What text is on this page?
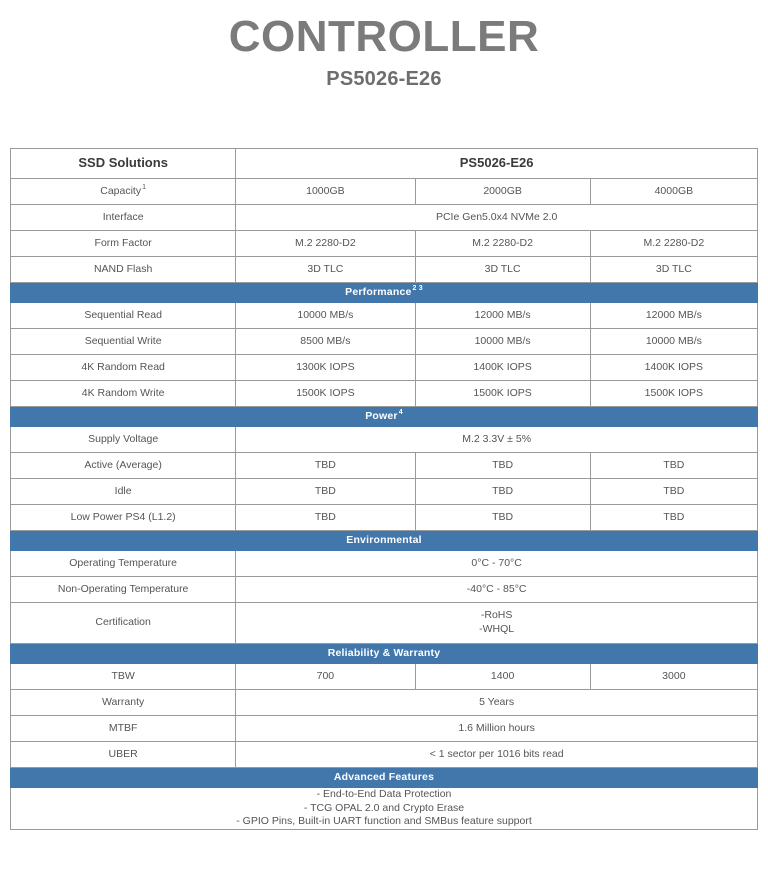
CONTROLLER
PS5026-E26
SSD Solutions	PS5026-E26		
Capacity$^1$	1000GB	2000GB	4000GB
Interface	PCIe Gen5.0x4 NVMe 2.0		
Form Factor	M.2 2280-D2	M.2 2280-D2	M.2 2280-D2
NAND Flash	3D TLC	3D TLC	3D TLC
Performance$^{2 3}$
Sequential Read	10000 MB/s	12000 MB/s	12000 MB/s
Sequential Write	8500 MB/s	10000 MB/s	10000 MB/s
4K Random Read	1300K IOPS	1400K IOPS	1400K IOPS
4K Random Write	1500K IOPS	1500K IOPS	1500K IOPS
Power$^4$
Supply Voltage	M.2 3.3V ± 5%		
Active (Average)	TBD	TBD	TBD
Idle	TBD	TBD	TBD
Low Power PS4 (L1.2)	TBD	TBD	TBD
Environmental			
Operating Temperature	0°C - 70°C		
Non-Operating Temperature	-40°C - 85°C		
Certification	-RoHS
-WHQL		

Reliability & Warranty			
TBW	700	1400	3000
Warranty	5 Years		
MTBF	1.6 Million hours		
UBER	< 1 sector per 1016 bits read		
Advanced Features			

- End-to-End Data Protection
- TCG OPAL 2.0 and Crypto Erase
- GPIO Pins, Built-in UART function and SMBus feature support			
